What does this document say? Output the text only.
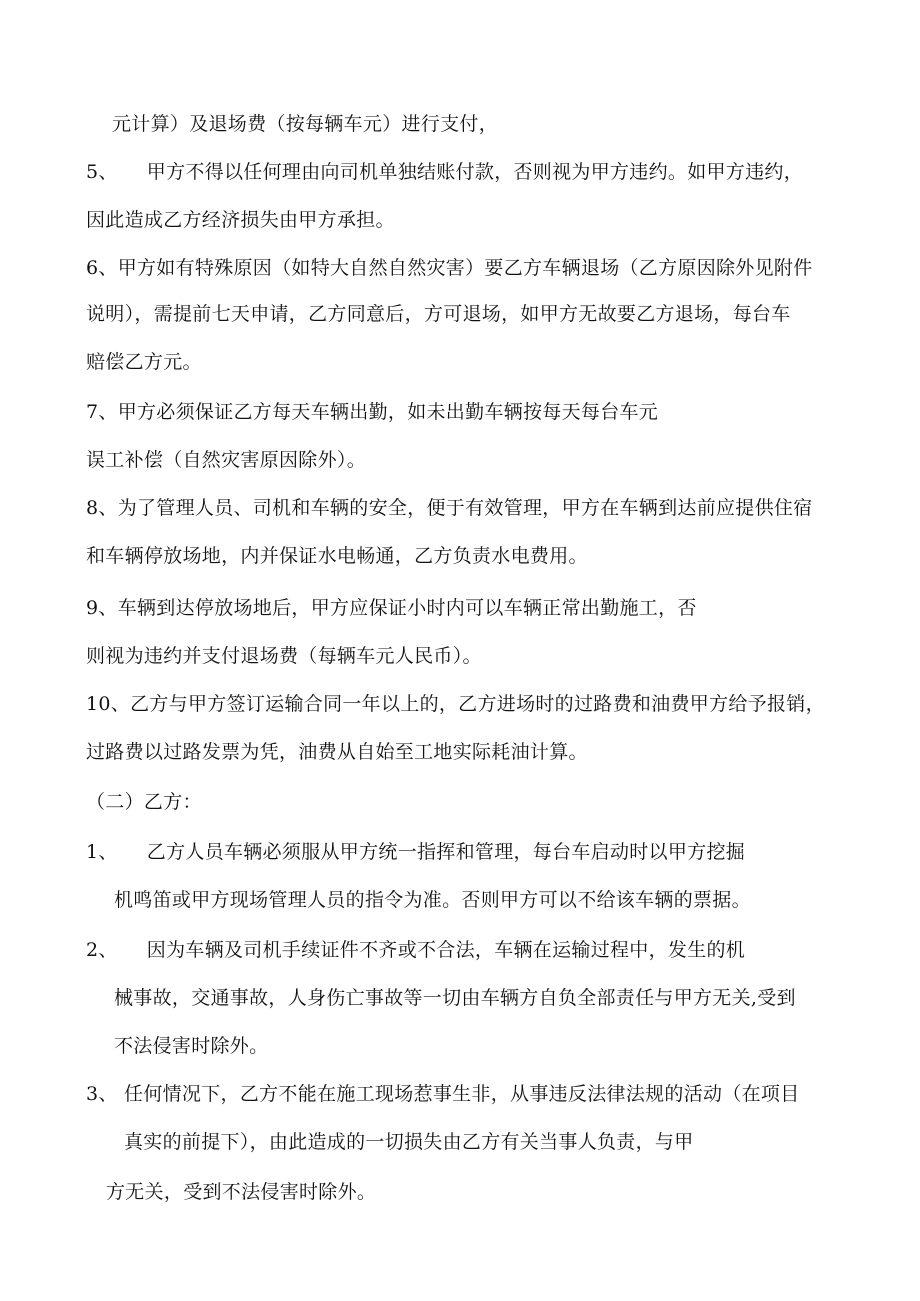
元计算）及退场费（按每辆车元）进行支付，
5、　　甲方不得以任何理由向司机单独结账付款，否则视为甲方违约。如甲方违约，
因此造成乙方经济损失由甲方承担。
6、甲方如有特殊原因（如特大自然自然灾害）要乙方车辆退场（乙方原因除外见附件
说明），需提前七天申请，乙方同意后，方可退场，如甲方无故要乙方退场，每台车
赔偿乙方元。
7、甲方必须保证乙方每天车辆出勤，如未出勤车辆按每天每台车元
误工补偿（自然灾害原因除外）。
8、为了管理人员、司机和车辆的安全，便于有效管理，甲方在车辆到达前应提供住宿
和车辆停放场地，内并保证水电畅通，乙方负责水电费用。
9、车辆到达停放场地后，甲方应保证小时内可以车辆正常出勤施工，否
则视为违约并支付退场费（每辆车元人民币）。
10、乙方与甲方签订运输合同一年以上的，乙方进场时的过路费和油费甲方给予报销，
过路费以过路发票为凭，油费从自始至工地实际耗油计算。
（二）乙方：
1、　　乙方人员车辆必须服从甲方统一指挥和管理，每台车启动时以甲方挖掘
机鸣笛或甲方现场管理人员的指令为准。否则甲方可以不给该车辆的票据。
2、　　因为车辆及司机手续证件不齐或不合法，车辆在运输过程中，发生的机
械事故，交通事故，人身伤亡事故等一切由车辆方自负全部责任与甲方无关,受到
不法侵害时除外。
3、 任何情况下，乙方不能在施工现场惹事生非，从事违反法律法规的活动（在项目
真实的前提下），由此造成的一切损失由乙方有关当事人负责，与甲
方无关，受到不法侵害时除外。
